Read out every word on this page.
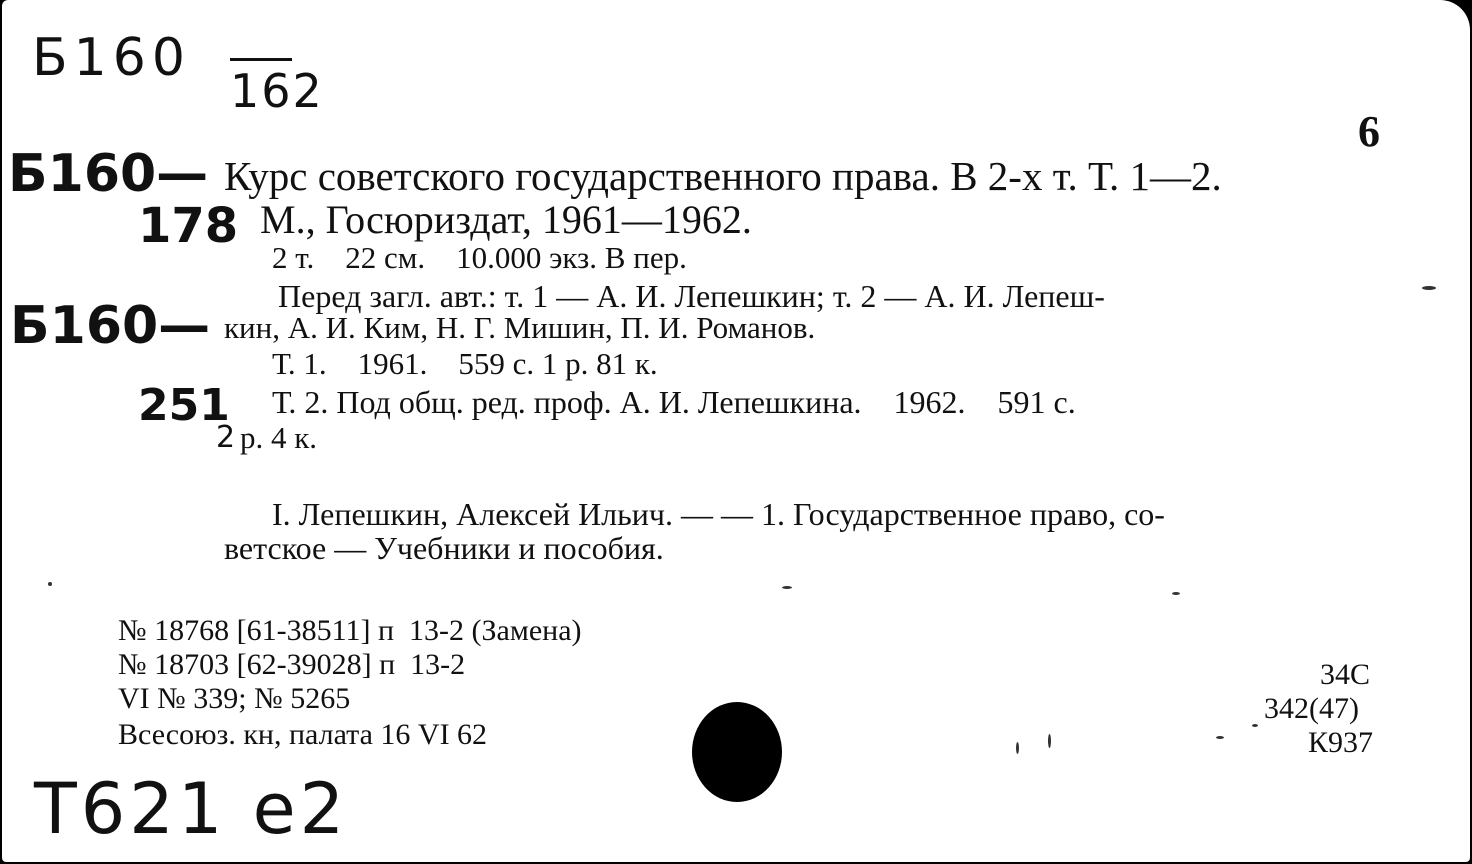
Б160
162
6
Б160—
178
Курс советского государственного права. В 2-х т. Т. 1—2.
М., Госюриздат, 1961—1962.
2 т.    22 см.    10.000 экз. В пер.
Перед загл. авт.: т. 1 — А. И. Лепешкин; т. 2 — А. И. Лепеш-
кин, А. И. Ким, Н. Г. Мишин, П. И. Романов.
Б160—
251
2
Т. 1.    1961.    559 с. 1 р. 81 к.
Т. 2. Под общ. ред. проф. А. И. Лепешкина.    1962.    591 с.
р. 4 к.
I. Лепешкин, Алексей Ильич. — — 1. Государственное право, со-
ветское — Учебники и пособия.
№ 18768 [61-38511] п  13-2 (Замена)
№ 18703 [62-39028] п  13-2
VI № 339; № 5265
Всесоюз. кн, палата 16 VI 62
34С
342(47)
К937
Т621 е2
